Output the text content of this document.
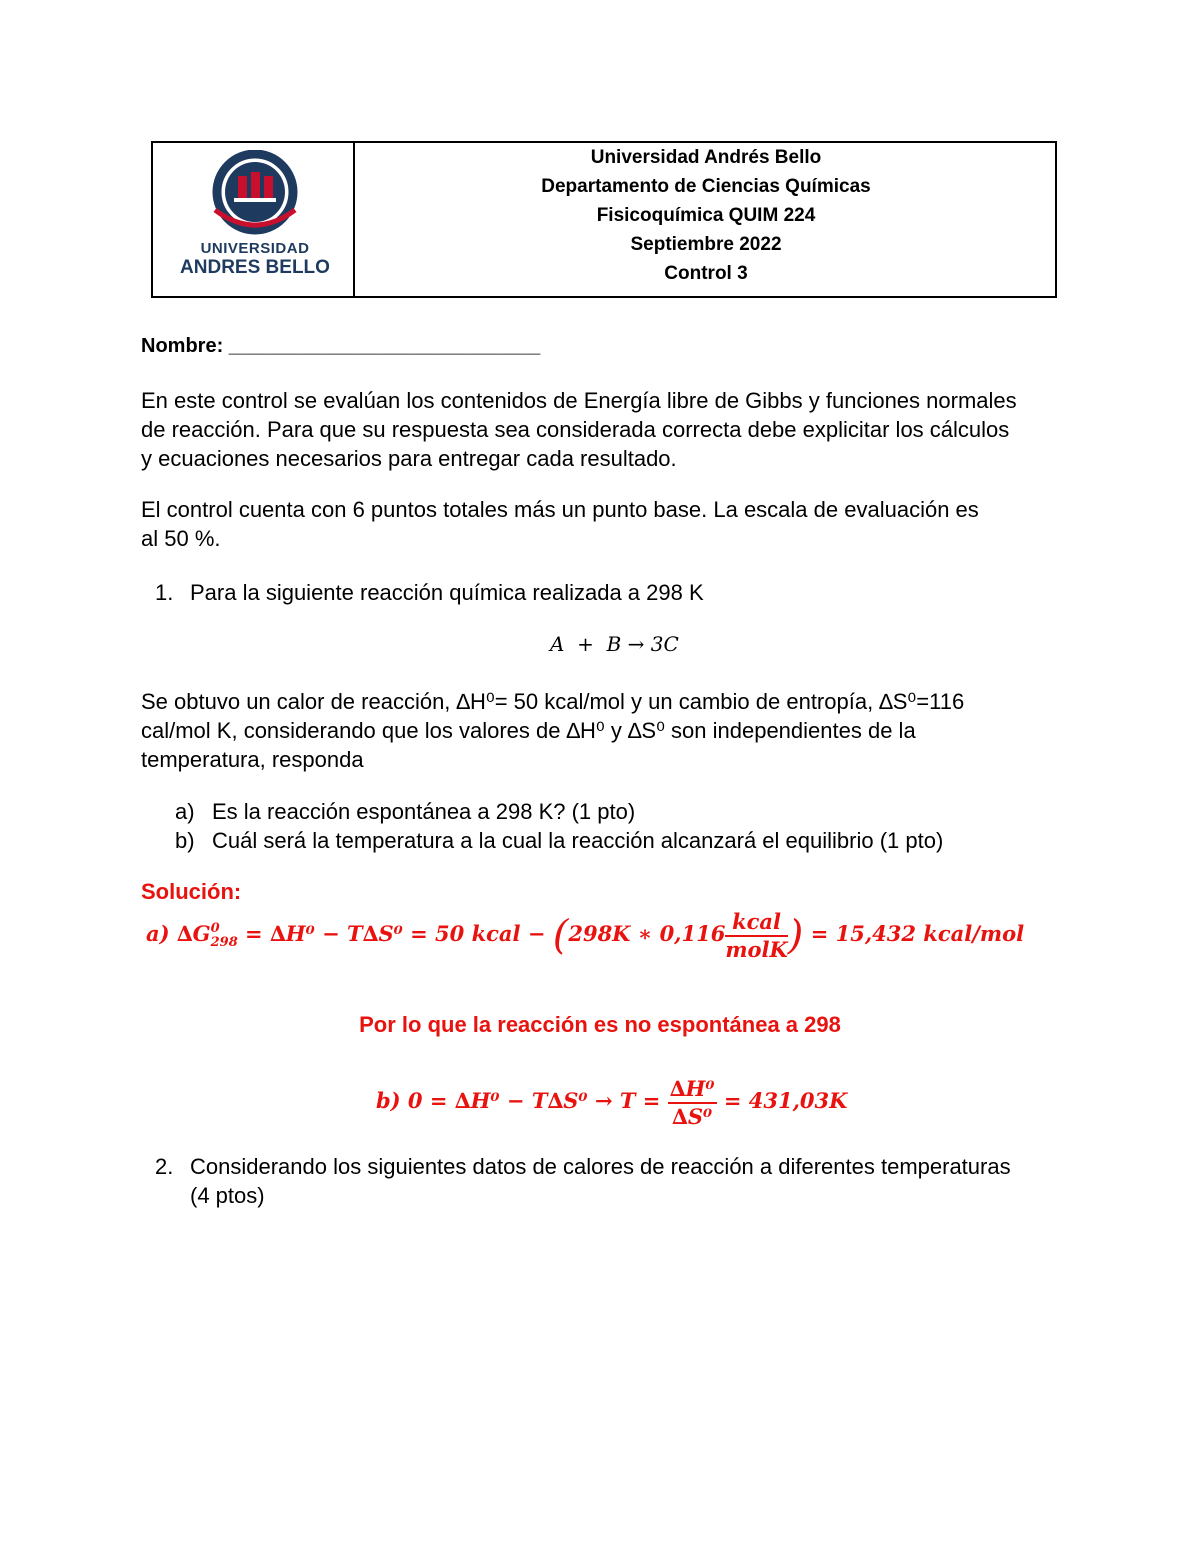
UNIVERSIDAD
ANDRES BELLO
Universidad Andrés Bello
Departamento de Ciencias Químicas
Fisicoquímica QUIM 224
Septiembre 2022
Control 3
Nombre: ____________________________
En este control se evalúan los contenidos de Energía libre de Gibbs y funciones normales
de reacción. Para que su respuesta sea considerada correcta debe explicitar los cálculos
y ecuaciones necesarios para entregar cada resultado.
El control cuenta con 6 puntos totales más un punto base. La escala de evaluación es
al 50 %.
1. Para la siguiente reacción química realizada a 298 K
A  +  B → 3C
Se obtuvo un calor de reacción, ∆H⁰= 50 kcal/mol y un cambio de entropía, ∆S⁰=116
cal/mol K, considerando que los valores de ∆H⁰ y ∆S⁰ son independientes de la
temperatura, responda
a) Es la reacción espontánea a 298 K? (1 pto)
b) Cuál será la temperatura a la cual la reacción alcanzará el equilibrio (1 pto)
Solución:
a) ∆G 0
298 = ∆H⁰ − T∆S⁰ = 50 kcal − (298K ∗ $0,116 \frac{\text{kcal}}{\text{molK}}$ ) = 15,432 kcal/mol
Por lo que la reacción es no espontánea a 298
b) $0 = \Delta H^0 - T\Delta S^0 \to T = \frac{\text{∆H⁰}}{\text{∆S⁰}} = 431,03K$
2. Considerando los siguientes datos de calores de reacción a diferentes temperaturas
(4 ptos)
